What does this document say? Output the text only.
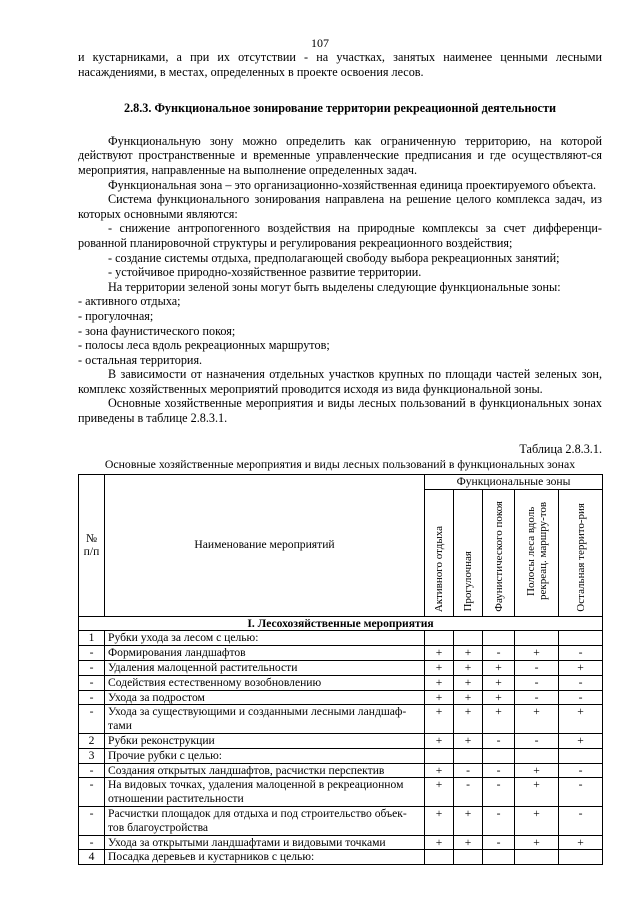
107

и кустарниками, а при их отсутствии - на участках, занятых наименее ценными лесными насаждениями, в местах, определенных в проекте освоения лесов.

2.8.3. Функциональное зонирование территории рекреационной деятельности

Функциональную зону можно определить как ограниченную территорию, на которой действуют пространственные и временные управленческие предписания и где осуществляют-ся мероприятия, направленные на выполнение определенных задач.

Функциональная зона – это организационно-хозяйственная единица проектируемого объекта.

Система функционального зонирования направлена на решение целого комплекса задач, из которых основными являются:

- снижение антропогенного воздействия на природные комплексы за счет дифференци-рованной планировочной структуры и регулирования рекреационного воздействия;

- создание системы отдыха, предполагающей свободу выбора рекреационных занятий;

- устойчивое природно-хозяйственное развитие территории.

На территории зеленой зоны могут быть выделены следующие функциональные зоны:

- активного отдыха;

- прогулочная;

- зона фаунистического покоя;

- полосы леса вдоль рекреационных маршрутов;

- остальная территория.

В зависимости от назначения отдельных участков крупных по площади частей зеленых зон, комплекс хозяйственных мероприятий проводится исходя из вида функциональной зоны.

Основные хозяйственные мероприятия и виды лесных пользований в функциональных зонах приведены в таблице 2.8.3.1.

Таблица 2.8.3.1.
Основные хозяйственные мероприятия и виды лесных пользований в функциональных зонах
№ п/п	Наименование мероприятий	Функциональные зоны				
		Активного отдыха	Прогулочная	Фаунистического покоя	Полосы леса вдоль рекреац. маршру-тов	Остальная террито-рия
I. Лесохозяйственные мероприятия						
1	Рубки ухода за лесом с целью:					
-	Формирования ландшафтов	+	+	-	+	-
-	Удаления малоценной растительности	+	+	+	-	+
-	Содействия естественному возобновлению	+	+	+	-	-
-	Ухода за подростом	+	+	+	-	-
-	Ухода за существующими и созданными лесными ландшаф-тами	+	+	+	+	+
2	Рубки реконструкции	+	+	-	-	+
3	Прочие рубки с целью:					
-	Создания открытых ландшафтов, расчистки перспектив	+	-	-	+	-
-	На видовых точках, удаления малоценной в рекреационном отношении растительности	+	-	-	+	-
-	Расчистки площадок для отдыха и под строительство объек-тов благоустройства	+	+	-	+	-
-	Ухода за открытыми ландшафтами и видовыми точками	+	+	-	+	+
4	Посадка деревьев и кустарников с целью:					
